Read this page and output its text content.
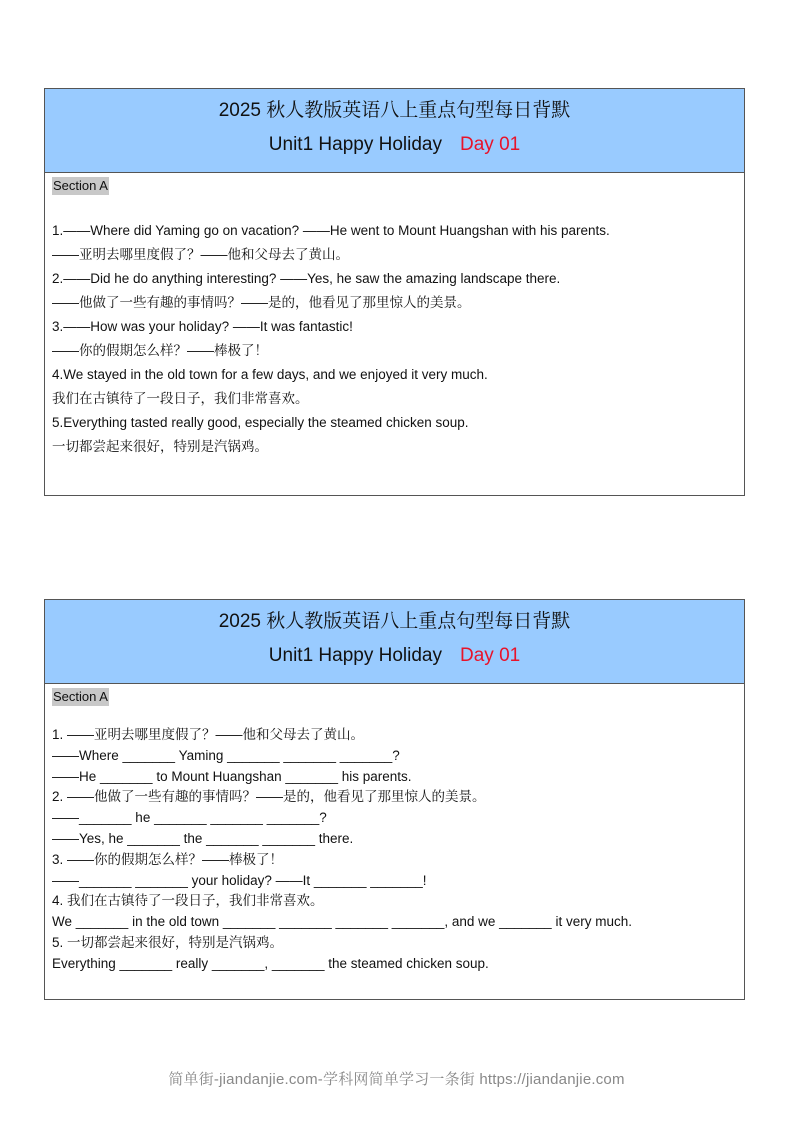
2025 秋人教版英语八上重点句型每日背默
Unit1 Happy Holiday Day 01
Section A
1.——Where did Yaming go on vacation? ——He went to Mount Huangshan with his parents.
——亚明去哪里度假了？——他和父母去了黄山。
2.——Did he do anything interesting? ——Yes, he saw the amazing landscape there.
——他做了一些有趣的事情吗？——是的，他看见了那里惊人的美景。
3.——How was your holiday? ——It was fantastic!
——你的假期怎么样？——棒极了！
4.We stayed in the old town for a few days, and we enjoyed it very much.
我们在古镇待了一段日子，我们非常喜欢。
5.Everything tasted really good, especially the steamed chicken soup.
一切都尝起来很好，特别是汽锅鸡。
2025 秋人教版英语八上重点句型每日背默
Unit1 Happy Holiday Day 01
Section A
1. ——亚明去哪里度假了？——他和父母去了黄山。
——Where _______ Yaming _______ _______ _______?
——He _______ to Mount Huangshan _______ his parents.
2. ——他做了一些有趣的事情吗？——是的，他看见了那里惊人的美景。
——_______ he _______ _______ _______?
——Yes, he _______ the _______ _______ there.
3. ——你的假期怎么样？——棒极了！
——_______ _______ your holiday? ——It _______ _______!
4. 我们在古镇待了一段日子，我们非常喜欢。
We _______ in the old town _______ _______ _______ _______, and we _______ it very much.
5. 一切都尝起来很好，特别是汽锅鸡。
Everything _______ really _______, _______ the steamed chicken soup.
简单街-jiandanjie.com-学科网简单学习一条街 https://jiandanjie.com
